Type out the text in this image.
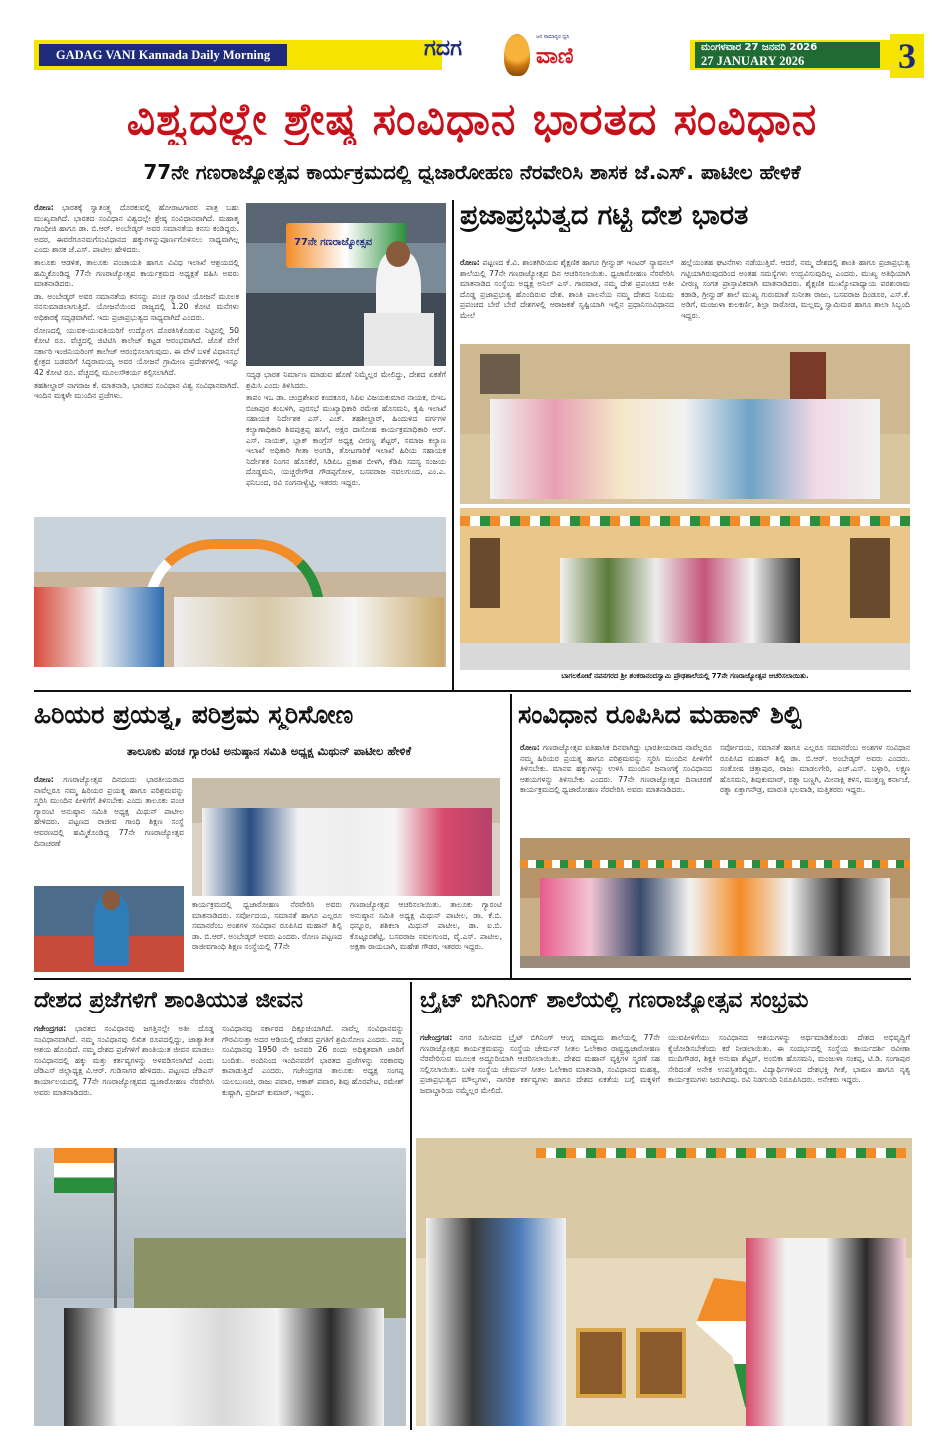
GADAG VANI Kannada Daily Morning	ಗದಗ	ವಾಣಿ
ಜನ ಸಾಮಾನ್ಯರ ಧ್ವನಿ
ಮಂಗಳವಾರ 27 ಜನವರಿ 2026
27 JANUARY 2026	3
ವಿಶ್ವದಲ್ಲೇ ಶ್ರೇಷ್ಠ ಸಂವಿಧಾನ ಭಾರತದ ಸಂವಿಧಾನ
77ನೇ ಗಣರಾಜ್ಯೋತ್ಸವ ಕಾರ್ಯಕ್ರಮದಲ್ಲಿ ಧ್ವಜಾರೋಹಣ ನೆರವೇರಿಸಿ ಶಾಸಕ ಜೆ.ಎಸ್. ಪಾಟೀಲ ಹೇಳಿಕೆ

ರೋಣ: ಭಾರತಕ್ಕೆ ಸ್ವಾತಂತ್ರ್ಯ ದೊರಕುವಲ್ಲಿ ಹೋರಾಟಗಾರರ ಪಾತ್ರ ಬಹು ಮುಖ್ಯವಾಗಿದೆ. ಭಾರತದ ಸಂವಿಧಾನ ವಿಶ್ವದಲ್ಲೇ ಶ್ರೇಷ್ಠ ಸಂವಿಧಾನವಾಗಿದೆ. ಮಹಾತ್ಮ ಗಾಂಧೀಜಿ ಹಾಗೂ ಡಾ. ಬಿ.ಆರ್. ಅಂಬೇಡ್ಕರ್ ಅವರ ಸಮಾನತೆಯ ಕನಸು ಕಂಡಿದ್ದರು. ಅದರ, ಈವರೆಗೂನಮಗೆಸಂವಿಧಾನದ ಹಕ್ಕುಗಳನ್ನುಪೂರ್ಣಗೊಳಿಸಲು ಸಾಧ್ಯವಾಗಿಲ್ಲ ಎಂದು ಶಾಸಕ ಜೆ.ಎಸ್. ಪಾಟೀಲ ಹೇಳಿದರು.

ತಾಲೂಕು ಆಡಳಿತ, ತಾಲೂಕು ಪಂಚಾಯತಿ ಹಾಗೂ ವಿವಿಧ ಇಲಾಖೆ ಆಶ್ರಯದಲ್ಲಿ ಹಮ್ಮಿಕೊಂಡಿದ್ದ 77ನೇ ಗಣರಾಜ್ಯೋತ್ಸವ ಕಾರ್ಯಕ್ರಮದ ಅಧ್ಯಕ್ಷತೆ ವಹಿಸಿ ಅವರು ಮಾತನಾಡಿದರು.

ಡಾ. ಅಂಬೇಡ್ಕರ್ ಅವರ ಸಮಾನತೆಯ ಕನಸನ್ನು ಪಂಚ ಗ್ಯಾರಂಟಿ ಯೋಜನೆ ಮೂಲಕ ನನಸುಮಾಡಲಾಗುತ್ತಿದೆ. ಯೋಜನೆಯಿಂದ ರಾಜ್ಯದಲ್ಲಿ 1.20 ಕೋಟಿ ಮನೆಗಳು ಅಧಿಕಾರಕ್ಕೆ ಸದೃಢವಾಗಿವೆ. ಇದು ಪ್ರಜಾಪ್ರಭುತ್ವದ ಸಾಧ್ಯವಾಗಿದೆ ಎಂದರು.

ರೋಣದಲ್ಲಿ ಯುವಕ-ಯುವತಿಯರಿಗೆ ಉದ್ಯೋಗ ದೊರಕಿಸಿಕೊಡುವ ನಿಟ್ಟಿನಲ್ಲಿ 50 ಕೋಟಿ ರೂ. ವೆಚ್ಚದಲ್ಲಿ ಜಿಟಿಟಿಸಿ ಕಾಲೇಜ್ ಕಟ್ಟಡ ಆರಂಭವಾಗಿದೆ. ಜೊತೆ ವೇಗೆ ಸರ್ಕಾರಿ ಇಂಜಿನಿಯರಿಂಗ್ ಕಾಲೇಜ್ ಆರಂಭಿಸಲಾಗುವುದು. ಈ ವೇಳೆ ಬಳಕೆ ವಿಧಾನಸಭೆ ಕ್ಷೇತ್ರದ ಬಡವರಿಗೆ ಸಿದ್ಧರಾಮಯ್ಯ ಅವರ ಯೋಜನೆ ಗ್ರಾಮೀಣ ಪ್ರದೇಶಗಳಲ್ಲಿ ಇನ್ನೂ 42 ಕೋಟಿ ರೂ. ವೆಚ್ಚದಲ್ಲಿ ಮೂಲಸೌಕರ್ಯ ಕಲ್ಪಿಸಲಾಗಿದೆ.

ತಹಶೀಲ್ದಾರ್ ನಾಗರಾಜ ಕೆ. ಮಾತನಾಡಿ, ಭಾರತದ ಸಂವಿಧಾನ ವಿಶ್ವ ಸಂವಿಧಾನವಾಗಿದೆ. ಇಂದಿನ ಮಕ್ಕಳೇ ಮುಂದಿನ ಪ್ರಜೆಗಳು.

77ನೇ ಗಣರಾಜ್ಯೋತ್ಸವ

ಸದೃಢ ಭಾರತ ನಿರ್ಮಾಣ ಮಾಡುವ ಹೊಣೆ ನಿಮ್ಮೆಲ್ಲರ ಮೇಲಿದ್ದು, ದೇಶದ ಏಕತೆಗೆ ಶ್ರಮಿಸಿ ಎಂದು ತಿಳಿಸಿದರು.

ತಾಪಂ ಇಒ ಡಾ. ಚಂದ್ರಶೇಖರ ಕಂದಕೂರ, ಸಿಪಿಐ ವಿಜಯಕುಮಾರ ನಾಯಕ, ಬಿಇಒ ಬಿಜಾಪುರ ಕಂಬಳಿಗಿ, ಪುರಸಭೆ ಮುಖ್ಯಾಧಿಕಾರಿ ರಮೇಶ ಹೊಸಮನಿ, ಕೃಷಿ ಇಲಾಖೆ ಸಹಾಯಕ ನಿರ್ದೇಶಕ ಎಸ್. ಎಚ್. ತಹಶೀಲ್ದಾರ್, ಹಿಂದುಳಿದ ವರ್ಗಗಳ ಕಲ್ಯಾಣಾಧಿಕಾರಿ ಶಿವಪುತ್ರಪ್ಪ ಹಸಿಗೆ, ಅಕ್ಷರ ದಾಸೋಹ ಕಾರ್ಯಕ್ರಮಾಧಿಕಾರಿ ಆರ್. ಎಸ್. ನಾಯಕ್, ಬ್ಲಾಕ್ ಕಾಂಗ್ರೆಸ್ ಅಧ್ಯಕ್ಷ ವೀರಣ್ಣ ಶೆಟ್ಟರ್, ಸಮಾಜ ಕಲ್ಯಾಣ ಇಲಾಖೆ ಅಧಿಕಾರಿ ಗೀತಾ ಅಂಗಡಿ, ತೋಟಗಾರಿಕೆ ಇಲಾಖೆ ಹಿರಿಯ ಸಹಾಯಕ ನಿರ್ದೇಶಕ ನಿಂಗನ ಹೊಸಕೆರೆ, ಸಿಡಿಪಿಒ ಪ್ರಕಾಶ ಬೀಳಗಿ, ಕೆಡಿಪಿ ಸದಸ್ಯ ಸಂಜಯ ದೊಡ್ಡಮನಿ, ಯಚ್ಚರೇಗೌಡ ಗೌಡಪ್ಪಗೋಳ, ಬಸವರಾಜ ನವಲಗುಂದ, ಎಂ.ಎ. ಫನಿಬಂದ, ರವಿ ಸಂಗನಾಳ್ವೆಟ್ಟಿ, ಇತರರು ಇದ್ದರು.

ಪ್ರಜಾಪ್ರಭುತ್ವದ ಗಟ್ಟಿ ದೇಶ ಭಾರತ
ರೋಣ: ಪಟ್ಟಣದ ಕೆ.ವಿ. ಶಾಂತಗಿರಿಯವ ಶೈಕ್ಷಣಿಕ ಹಾಗೂ ಗ್ರೀನ್ವುಡ್ ಇಂಟರ್ ನ್ಯಾಷನಲ್ ಶಾಲೆಯಲ್ಲಿ 77ನೇ ಗಣರಾಜ್ಯೋತ್ಸವ ದಿನ ಆಚರಿಸಲಾಯಿತು. ಧ್ವಜಾರೋಹಣ ನೆರವೇರಿಸಿ ಮಾತನಾಡಿದ ಸಂಸ್ಥೆಯ ಅಧ್ಯಕ್ಷ ಅನಿಲ್ ಎಸ್. ಗಾರವಾಡ, ನಮ್ಮ ದೇಶ ಪ್ರಪಂಚದ ಅತೀ ದೊಡ್ಡ ಪ್ರಜಾಪ್ರಭುತ್ವ ಹೊಂದಿರುವ ದೇಶ. ಶಾಂತಿ ಪಾಲನೆಯ ನಮ್ಮ ದೇಶದ ನಿಯಮ ಪ್ರಪಂಚದ ಬೇರೆ ಬೇರೆ ದೇಶಗಳಲ್ಲಿ ಆರಾಜಕತೆ ಸೃಷ್ಟಿಯಾಗಿ ಇಲ್ಲಿನ ಪ್ರಧಾನಿಸಂವಿಧಾನದ ಮೇಲೆ
ಹಲ್ಲೆಯಂತಹ ಘಟನೆಗಳು ನಡೆಯುತ್ತಿವೆ. ಆದರೆ, ನಮ್ಮ ದೇಶದಲ್ಲಿ ಶಾಂತಿ ಹಾಗೂ ಪ್ರಜಾಪ್ರಭುತ್ವ ಗಟ್ಟಿಯಾಗಿರುವುದರಿಂದ ಅಂತಹ ಸಮಸ್ಯೆಗಳು ಉದ್ಭವಿಸುವುದಿಲ್ಲ ಎಂದರು. ಮುಖ್ಯ ಅತಿಥಿಯಾಗಿ ವೀರಣ್ಣ ಸಂಗತ ಪ್ರಾಸ್ತಾವಿಕವಾಗಿ ಮಾತನಾಡಿದರು. ಶೈಕ್ಷಣಿಕ ಮುಖ್ಯೋಪಾಧ್ಯಾಯ ಪರಶುರಾಮ ಕಡಾಡಿ, ಗ್ರೀನ್ವುಡ್ ಶಾಲೆ ಮುಖ್ಯ ಗುರುಮಾತೆ ಸುನೀತಾ ರಾಜು, ಬಸವರಾಜ ದಿಂಡೂರ, ಎಸ್.ಕೆ. ಅಡಿಗೆ, ಮಂಜುಳಾ ಕುಲಕರ್ಣಿ, ಶಿಲ್ಪಾ ರಾಠೋಡ, ಮಲ್ಲಮ್ಮ ಸ್ವಾಮಿಮಠ ಹಾಗೂ ಶಾಲಾ ಸಿಬ್ಬಂದಿ ಇದ್ದರು.
ಬಾಗಲಕೋಟೆ ನವನಗರದ ಶ್ರೀ ಶಂಕರಾನಂದಸ್ವಾಮಿ ಪ್ರೌಢಶಾಲೆಯಲ್ಲಿ 77ನೇ ಗಣರಾಜ್ಯೋತ್ಸವ ಆಚರಿಸಲಾಯಿತು.
ಹಿರಿಯರ ಪ್ರಯತ್ನ, ಪರಿಶ್ರಮ ಸ್ಮರಿಸೋಣ
ತಾಲೂಕು ಪಂಚ ಗ್ಯಾರಂಟಿ ಅನುಷ್ಠಾನ ಸಮಿತಿ ಅಧ್ಯಕ್ಷ ಮಿಥುನ್ ಪಾಟೀಲ ಹೇಳಿಕೆ
ರೋಣ: ಗಣರಾಜ್ಯೋತ್ಸವ ದಿನದಂದು ಭಾರತೀಯರಾದ ನಾವೆಲ್ಲರೂ ನಮ್ಮ ಹಿರಿಯರ ಪ್ರಯತ್ನ ಹಾಗೂ ಪರಿಶ್ರಮವನ್ನು ಸ್ಮರಿಸಿ ಮುಂದಿನ ಪೀಳಿಗೆಗೆ ತಿಳಿಸಬೇಕು ಎಂದು ತಾಲೂಕು ಪಂಚ ಗ್ಯಾರಂಟಿ ಅನುಷ್ಠಾನ ಸಮಿತಿ ಅಧ್ಯಕ್ಷ ಮಿಥುನ್ ಪಾಟೀಲ ಹೇಳಿದರು. ಪಟ್ಟಣದ ರಾಜೀವ ಗಾಂಧಿ ಶಿಕ್ಷಣ ಸಂಸ್ಥೆ ಆವರಣದಲ್ಲಿ ಹಮ್ಮಿಕೊಂಡಿದ್ದ 77ನೇ ಗಣರಾಜ್ಯೋತ್ಸವ ದಿನಾಚರಣೆ
ಕಾರ್ಯಕ್ರಮದಲ್ಲಿ ಧ್ವಜಾರೋಹಣ ನೆರವೇರಿಸಿ ಅವರು ಮಾತನಾಡಿದರು. ಸರ್ವೋದಯ, ಸಮಾನತೆ ಹಾಗೂ ಎಲ್ಲರೂ ಸಮಾನರೆಂಬ ಅಂಶಗಳ ಸಂವಿಧಾನ ರೂಪಿಸಿದ ಮಹಾನ್ ಶಿಲ್ಪಿ ಡಾ. ಬಿ.ಆರ್. ಅಂಬೇಡ್ಕರ್ ಅವರು ಎಂದರು. ರೋಣ ಪಟ್ಟಣದ ರಾಜೀವಗಾಂಧಿ ಶಿಕ್ಷಣ ಸಂಸ್ಥೆಯಲ್ಲಿ 77ನೇ
ಗಣರಾಜ್ಯೋತ್ಸವ ಆಚರಿಸಲಾಯಿತು. ತಾಲೂಕು ಗ್ಯಾರಂಟಿ ಅನುಷ್ಠಾನ ಸಮಿತಿ ಅಧ್ಯಕ್ಷ ಮಿಥುನ್ ಪಾಟೀಲ, ಡಾ. ಕೆ.ಬಿ. ಧನ್ನೂರ, ಶಶಿಕಲಾ ಮಿಥುನ್ ಪಾಟೀಲ, ಡಾ. ಐ.ಬಿ. ಕೊಟ್ಟೂರಶೆಟ್ಟಿ, ಬಸವರಾಜ ನವಲಗುಂದ, ವೈ.ಎಸ್. ಪಾಟೀಲ, ಅಕ್ಷತಾ ರಾಯಬಾಗಿ, ಮಹೇಶ ಗೌಡರ, ಇತರರು ಇದ್ದರು.
ಸಂವಿಧಾನ ರೂಪಿಸಿದ ಮಹಾನ್ ಶಿಲ್ಪಿ
ರೋಣ: ಗಣರಾಜ್ಯೋತ್ಸವ ಐತಿಹಾಸಿಕ ದಿನವಾಗಿದ್ದು ಭಾರತೀಯರಾದ ನಾವೆಲ್ಲರೂ ನಮ್ಮ ಹಿರಿಯರ ಪ್ರಯತ್ನ ಹಾಗೂ ಪರಿಶ್ರಮವನ್ನು ಸ್ಮರಿಸಿ ಮುಂದಿನ ಪೀಳಿಗೆಗೆ ತಿಳಿಸಬೇಕು. ಮಾನವ ಹಕ್ಕುಗಳನ್ನು ಉಳಿಸಿ ಮುಂದಿನ ಜನಾಂಗಕ್ಕೆ ಸಂವಿಧಾನದ ಆಶಯಗಳನ್ನು ತಿಳಿಸಬೇಕು ಎಂದರು. 77ನೇ ಗಣರಾಜ್ಯೋತ್ಸವ ದಿನಾಚರಣೆ ಕಾರ್ಯಕ್ರಮದಲ್ಲಿ ಧ್ವಜಾರೋಹಣ ನೆರವೇರಿಸಿ ಅವರು ಮಾತನಾಡಿದರು.
ಸರ್ವೋದಯ, ಸಮಾನತೆ ಹಾಗೂ ಎಲ್ಲರೂ ಸಮಾನರೆಂಬ ಅಂಶಗಳ ಸಂವಿಧಾನ ರೂಪಿಸಿದ ಮಹಾನ್ ಶಿಲ್ಪಿ ಡಾ. ಬಿ.ಆರ್. ಅಂಬೇಡ್ಕರ್ ಅವರು ಎಂದರು. ಸಂತೋಷ ಚಿತ್ತಾಪುರ, ರಾಜು ಮಾಡಲಗೇರಿ, ಎಚ್.ಎಸ್. ಬಳ್ಳಾರಿ, ಲಕ್ಷ್ಮಣ ಹೊಸಮನಿ, ಶಿವುಕುಮಾರ್, ರತ್ನಾ ಬಣ್ಣಗಿ, ಮೀನಾಕ್ಷಿ ಕಳಸ, ಮುತ್ತಣ್ಣ ಕರ್ನಾಚೆ, ರತ್ನಾ ಏಕ್ತಾಗನೌಡ್ರ, ಮಾರುತಿ ಭಲವಾಡಿ, ಮತ್ತಿತರರು ಇದ್ದರು.
ದೇಶದ ಪ್ರಜೆಗಳಿಗೆ ಶಾಂತಿಯುತ ಜೀವನ
ಗಜೇಂದ್ರಗಡ: ಭಾರತದ ಸಂವಿಧಾನವು ಜಗತ್ತಿನಲ್ಲೇ ಅತೀ ದೊಡ್ಡ ಸಂವಿಧಾನವಾಗಿದೆ. ನಮ್ಮ ಸಂವಿಧಾನವು ಲಿಖಿತ ರೂಪದಲ್ಲಿದ್ದು, ಜಾತ್ಯಾತೀತ ಆಶಯ ಹೊಂದಿದೆ. ನಮ್ಮ ದೇಶದ ಪ್ರಜೆಗಳಿಗೆ ಶಾಂತಿಯುತ ಜೀವನ ಮಾಡಲು ಸಂವಿಧಾನದಲ್ಲಿ ಹಕ್ಕು ಮತ್ತು ಕರ್ತವ್ಯಗಳನ್ನು ಅಳವಡಿಸಲಾಗಿದೆ ಎಂದು ಜೆಡಿಎಸ್ ಜಿಲ್ಲಾಧ್ಯಕ್ಷ ವಿ.ಆರ್. ಗುಡಿಸಾಗರ ಹೇಳಿದರು. ಪಟ್ಟಣದ ಜೆಡಿಎಸ್ ಕಾರ್ಯಾಲಯದಲ್ಲಿ 77ನೇ ಗಣರಾಜ್ಯೋತ್ಸವದ ಧ್ವಜಾರೋಹಣ ನೆರವೇರಿಸಿ ಅವರು ಮಾತನಾಡಿದರು.
ಸಂವಿಧಾನವು ಸರ್ಕಾರದ ದಿಕ್ಸೂಚಿಯಾಗಿದೆ. ನಾವೆಲ್ಲ ಸಂವಿಧಾನವನ್ನು ಗೌರವಿಸುತ್ತಾ ಅದರ ಆಡಿಯಲ್ಲಿ ದೇಶದ ಪ್ರಗತಿಗೆ ಶ್ರಮಿಸೋಣ ಎಂದರು. ನಮ್ಮ ಸಂವಿಧಾನವು 1950 ನೇ ಜನವರಿ 26 ರಂದು ಅಧಿಕೃತವಾಗಿ ಜಾರಿಗೆ ಬಂದಿತು. ಅಂದಿನಿಂದ ಇಂದಿನವರೆಗೆ ಭಾರತದ ಪ್ರಜೆಗಳನ್ನು ಸರಕಾರವು ಕಾಪಾಡುತ್ತಿದೆ ಎಂದರು. ಗಜೇಂದ್ರಗಡ ತಾಲೂಕು ಅಧ್ಯಕ್ಷ ಸಂಗಪ್ಪ ಯಲಬುಣಚಿ, ರಾಜು ಪವಾರ, ಆಕಾಶ್ ಪವಾರ, ಶಿವು ಹೊರಪೇಟ, ರಮೇಶ್ ಕುಷ್ಟಾಗಿ, ಪ್ರದೀಪ್ ಕುಮಾರ್, ಇದ್ದರು.
ಬ್ರೈಟ್ ಬಿಗಿನಿಂಗ್ ಶಾಲೆಯಲ್ಲಿ ಗಣರಾಜ್ಯೋತ್ಸವ ಸಂಭ್ರಮ
ಗಜೇಂದ್ರಗಡ: ನಗರ ಸಮೀಪದ ಬ್ರೈಟ್ ಬಿಗಿನಿಂಗ್ ಆಂಗ್ಲ ಮಾಧ್ಯಮ ಶಾಲೆಯಲ್ಲಿ 77ನೇ ಗಣರಾಜ್ಯೋತ್ಸವ ಕಾರ್ಯಕ್ರಮವನ್ನು ಸಂಸ್ಥೆಯ ಚೇರ್ಮನ್ ಸೀತಲ ಓಲೇಕಾರ ರಾಷ್ಟ್ರಧ್ವಜಾರೋಹಣ ನೆರವೇರಿಸುವ ಮೂಲಕ ಅದ್ದೂರಿಯಾಗಿ ಆಚರಿಸಲಾಯಿತು. ದೇಶದ ಮಹಾನ್ ವ್ಯಕ್ತಿಗಳ ಸ್ಮರಣೆ ಸಹ ಸಲ್ಲಿಸಲಾಯಿತು. ಬಳಿಕ ಸಂಸ್ಥೆಯ ಚೇರ್ಮನ್ ಸೀತಲ ಓಲೇಕಾರ ಮಾತನಾಡಿ, ಸಂವಿಧಾನದ ಮಹತ್ವ, ಪ್ರಜಾಪ್ರಭುತ್ವದ ಮೌಲ್ಯಗಳು, ನಾಗರಿಕ ಕರ್ತವ್ಯಗಳು ಹಾಗೂ ದೇಶದ ಏಕತೆಯ ಬಗ್ಗೆ ಮಕ್ಕಳಿಗೆ ಜವಾಬ್ದಾರಿಯ ನಮ್ಮೆಲ್ಲರ ಮೇಲಿದೆ.
ಯುವಪೀಳಿಗೆಯು ಸಂವಿಧಾನದ ಆಶಯಗಳನ್ನು ಅರ್ಥಮಾಡಿಕೊಂಡು ದೇಶದ ಅಭಿವೃದ್ಧಿಗೆ ಕೈಜೋಡಿಸಬೇಕೆಂದು ಕರೆ ನೀಡಲಾಯಿತು. ಈ ಸಂದರ್ಭದಲ್ಲಿ ಸಂಸ್ಥೆಯ ಕಾರ್ಯದರ್ಶಿ ರವೀಣಾ ಮುದಿಗೌಡರ, ಶಿಕ್ಷಕಿ ಅನುಷಾ ಶೆಟ್ಟರ್, ಅಂಬಿಕಾ ಹೊಸಮನಿ, ಮಂಜುಳಾ ಸಂಕಪ್ಪ, ಟಿ.ಡಿ. ಸಂಗಾಪುರ ಸೇರಿದಂತೆ ಅನೇಕ ಉಪಸ್ಥಿತರಿದ್ದರು. ವಿದ್ಯಾರ್ಥಿಗಳಿಂದ ದೇಶಭಕ್ತಿ ಗೀತೆ, ಭಾಷಣ ಹಾಗೂ ನೃತ್ಯ ಕಾರ್ಯಕ್ರಮಗಳು ಜರುಗಿದವು. ರವಿ ನಿಡಗುಂದಿ ನಿರೂಪಿಸಿದರು. ಅನೇಕರು ಇದ್ದರು.
